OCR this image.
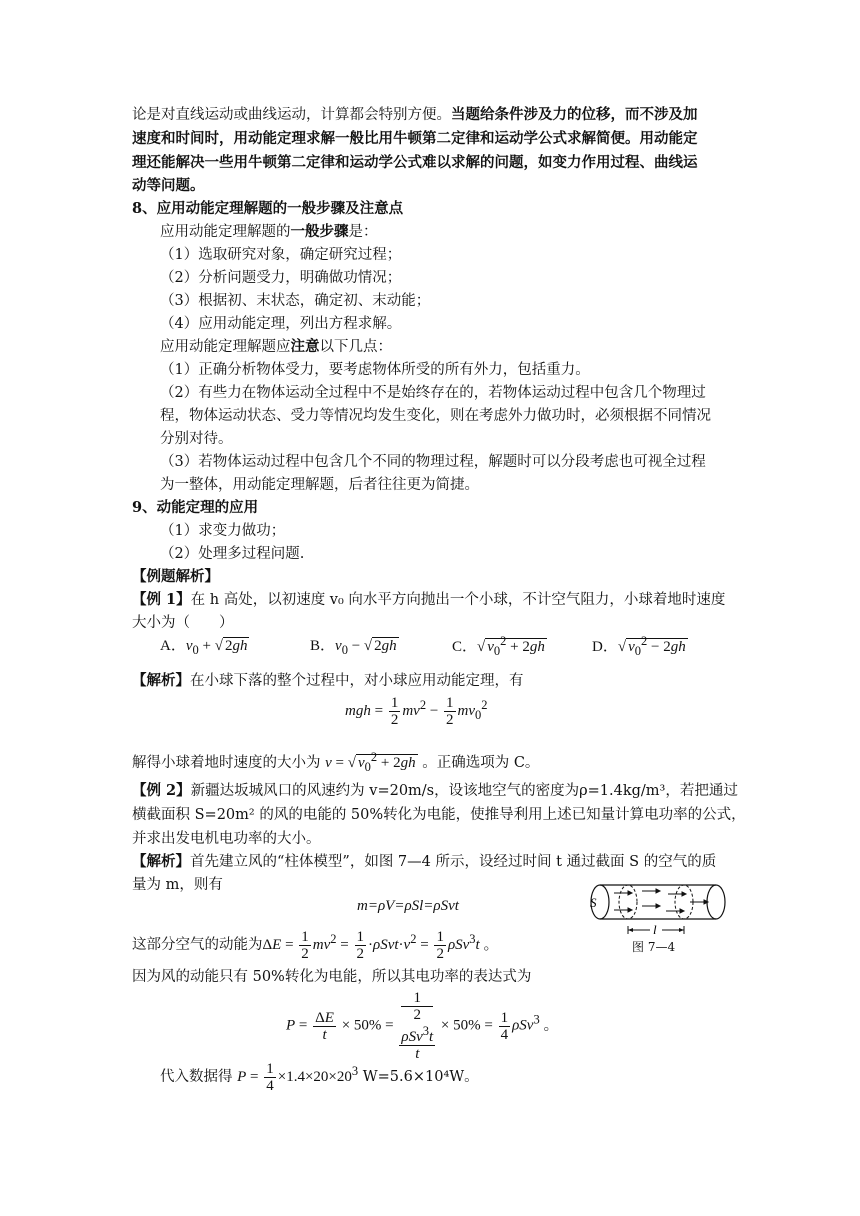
论是对直线运动或曲线运动，计算都会特别方便。当题给条件涉及力的位移，而不涉及加
速度和时间时，用动能定理求解一般比用牛顿第二定律和运动学公式求解简便。用动能定
理还能解决一些用牛顿第二定律和运动学公式难以求解的问题，如变力作用过程、曲线运
动等问题。
8、应用动能定理解题的一般步骤及注意点
应用动能定理解题的一般步骤是：
（1）选取研究对象，确定研究过程；
（2）分析问题受力，明确做功情况；
（3）根据初、末状态，确定初、末动能；
（4）应用动能定理，列出方程求解。
应用动能定理解题应注意以下几点：
（1）正确分析物体受力，要考虑物体所受的所有外力，包括重力。
（2）有些力在物体运动全过程中不是始终存在的，若物体运动过程中包含几个物理过
程，物体运动状态、受力等情况均发生变化，则在考虑外力做功时，必须根据不同情况
分别对待。
（3）若物体运动过程中包含几个不同的物理过程，解题时可以分段考虑也可视全过程
为一整体，用动能定理解题，后者往往更为简捷。
9、动能定理的应用
（1）求变力做功；
（2）处理多过程问题.
【例题解析】
【例 1】在 h 高处，以初速度 v₀ 向水平方向抛出一个小球，不计空气阻力，小球着地时速度
大小为（　　）
A．$v_0$ + √ 2gh	B．$v_0$ − √ 2gh	C．√ $v_0^2 + 2gh$	D．√ $v_0^2 - 2gh$
【解析】在小球下落的整个过程中，对小球应用动能定理，有
mgh = $\frac{1}{2} mv^2 - \frac{1}{2} mv_0^2$
解得小球着地时速度的大小为 v = √ $v_0^2 + 2gh$ 。正确选项为 C。
【例 2】新疆达坂城风口的风速约为 v=20m/s，设该地空气的密度为ρ=1.4kg/m³，若把通过
横截面积 S=20m² 的风的电能的 50%转化为电能，使推导利用上述已知量计算电功率的公式，
并求出发电机电功率的大小。
【解析】首先建立风的“柱体模型”，如图 7—4 所示，设经过时间 t 通过截面 S 的空气的质
量为 m，则有
m=ρV=ρSl=ρSvt
这部分空气的动能为$\Delta E = \frac{1}{2} mv^2 = \frac{1}{2} \cdot\rho Svt\cdot v^2 = \frac{1}{2} \rho Sv^3t$ 。
S
l
图 7—4
因为风的动能只有 50%转化为电能，所以其电功率的表达式为
$P = \frac{\Delta E}{t} \times 50\% = 1$
2
ρSv$^3$t
$t \times 50\% = \frac{1}{4} \rho Sv^3$ 。
代入数据得 $P = \frac{1}{4} \times 1.4\times 20\times 20^3$ W=5.6×10⁴W。
